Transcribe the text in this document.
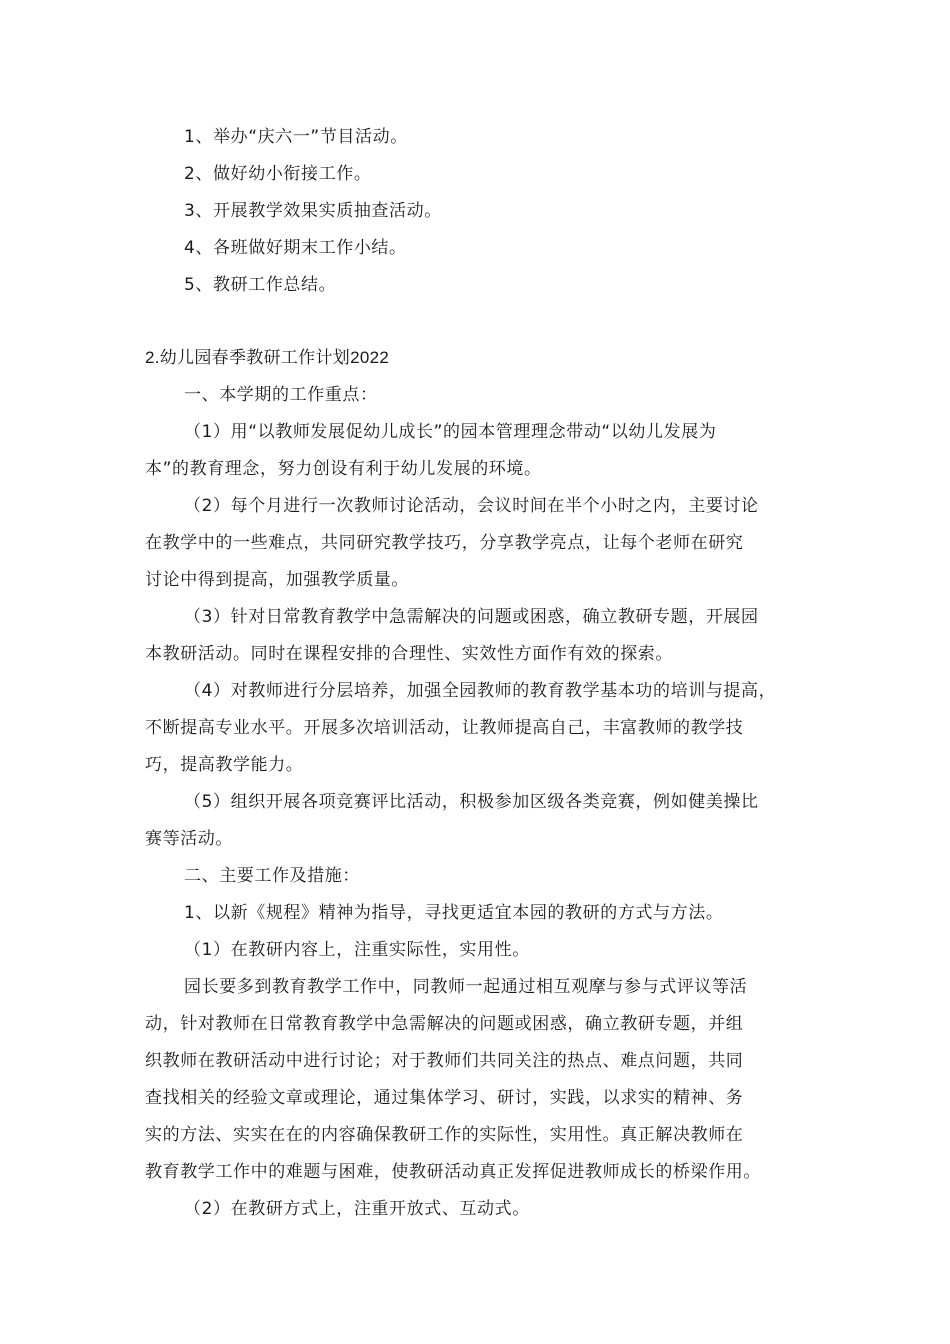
1、举办“庆六一”节目活动。
2、做好幼小衔接工作。
3、开展教学效果实质抽查活动。
4、各班做好期末工作小结。
5、教研工作总结。
2.幼儿园春季教研工作计划2022
一、本学期的工作重点：
（1）用“以教师发展促幼儿成长”的园本管理理念带动“以幼儿发展为
本”的教育理念，努力创设有利于幼儿发展的环境。
（2）每个月进行一次教师讨论活动，会议时间在半个小时之内，主要讨论
在教学中的一些难点，共同研究教学技巧，分享教学亮点，让每个老师在研究
讨论中得到提高，加强教学质量。
（3）针对日常教育教学中急需解决的问题或困惑，确立教研专题，开展园
本教研活动。同时在课程安排的合理性、实效性方面作有效的探索。
（4）对教师进行分层培养，加强全园教师的教育教学基本功的培训与提高，
不断提高专业水平。开展多次培训活动，让教师提高自己，丰富教师的教学技
巧，提高教学能力。
（5）组织开展各项竞赛评比活动，积极参加区级各类竞赛，例如健美操比
赛等活动。
二、主要工作及措施：
1、以新《规程》精神为指导，寻找更适宜本园的教研的方式与方法。
（1）在教研内容上，注重实际性，实用性。
园长要多到教育教学工作中，同教师一起通过相互观摩与参与式评议等活
动，针对教师在日常教育教学中急需解决的问题或困惑，确立教研专题，并组
织教师在教研活动中进行讨论；对于教师们共同关注的热点、难点问题，共同
查找相关的经验文章或理论，通过集体学习、研讨，实践，以求实的精神、务
实的方法、实实在在的内容确保教研工作的实际性，实用性。真正解决教师在
教育教学工作中的难题与困难，使教研活动真正发挥促进教师成长的桥梁作用。
（2）在教研方式上，注重开放式、互动式。
